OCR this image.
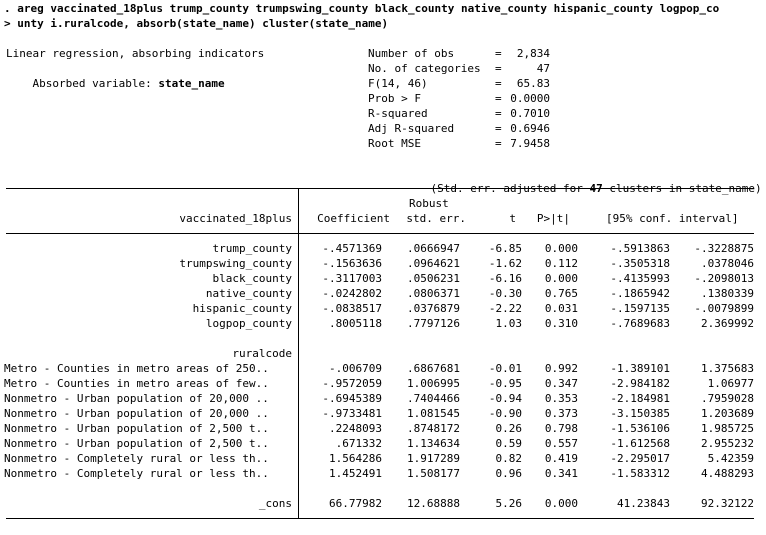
. areg vaccinated_18plus trump_county trumpswing_county black_county native_county hispanic_county logpop_co
> unty i.ruralcode, absorb(state_name) cluster(state_name)
Linear regression, absorbing indicators

Absorbed variable: state_name

Number of obs	=	2,834
No. of categories =	47
F(14, 46)	=	65.83
Prob > F	= 0.0000
R-squared	= 0.7010
Adj R-squared	= 0.6946
Root MSE	= 7.9458

(Std. err. adjusted for 47 clusters in state_name)

Robust
vaccinated_18plus	Coefficient	std. err.	t	P>|t|	[95% conf. interval]
trump_county	-.4571369	.0666947	-6.85	0.000	-.5913863	-.3228875
trumpswing_county	-.1563636	.0964621	-1.62	0.112	-.3505318	.0378046
black_county	-.3117003	.0506231	-6.16	0.000	-.4135993	-.2098013
native_county	-.0242802	.0806371	-0.30	0.765	-.1865942	.1380339
hispanic_county	-.0838517	.0376879	-2.22	0.031	-.1597135	-.0079899
logpop_county	.8005118	.7797126	1.03	0.310	-.7689683	2.369992
ruralcode
Metro - Counties in metro areas of 250..	-.006709	.6867681	-0.01	0.992	-1.389101	1.375683
Metro - Counties in metro areas of few..	-.9572059	1.006995	-0.95	0.347	-2.984182	1.06977
Nonmetro - Urban population of 20,000 ..	-.6945389	.7404466	-0.94	0.353	-2.184981	.7959028
Nonmetro - Urban population of 20,000 ..	-.9733481	1.081545	-0.90	0.373	-3.150385	1.203689
Nonmetro - Urban population of 2,500 t..	.2248093	.8748172	0.26	0.798	-1.536106	1.985725
Nonmetro - Urban population of 2,500 t..	.671332	1.134634	0.59	0.557	-1.612568	2.955232
Nonmetro - Completely rural or less th..	1.564286	1.917289	0.82	0.419	-2.295017	5.42359
Nonmetro - Completely rural or less th..	1.452491	1.508177	0.96	0.341	-1.583312	4.488293
_cons	66.77982	12.68888	5.26	0.000	41.23843	92.32122
